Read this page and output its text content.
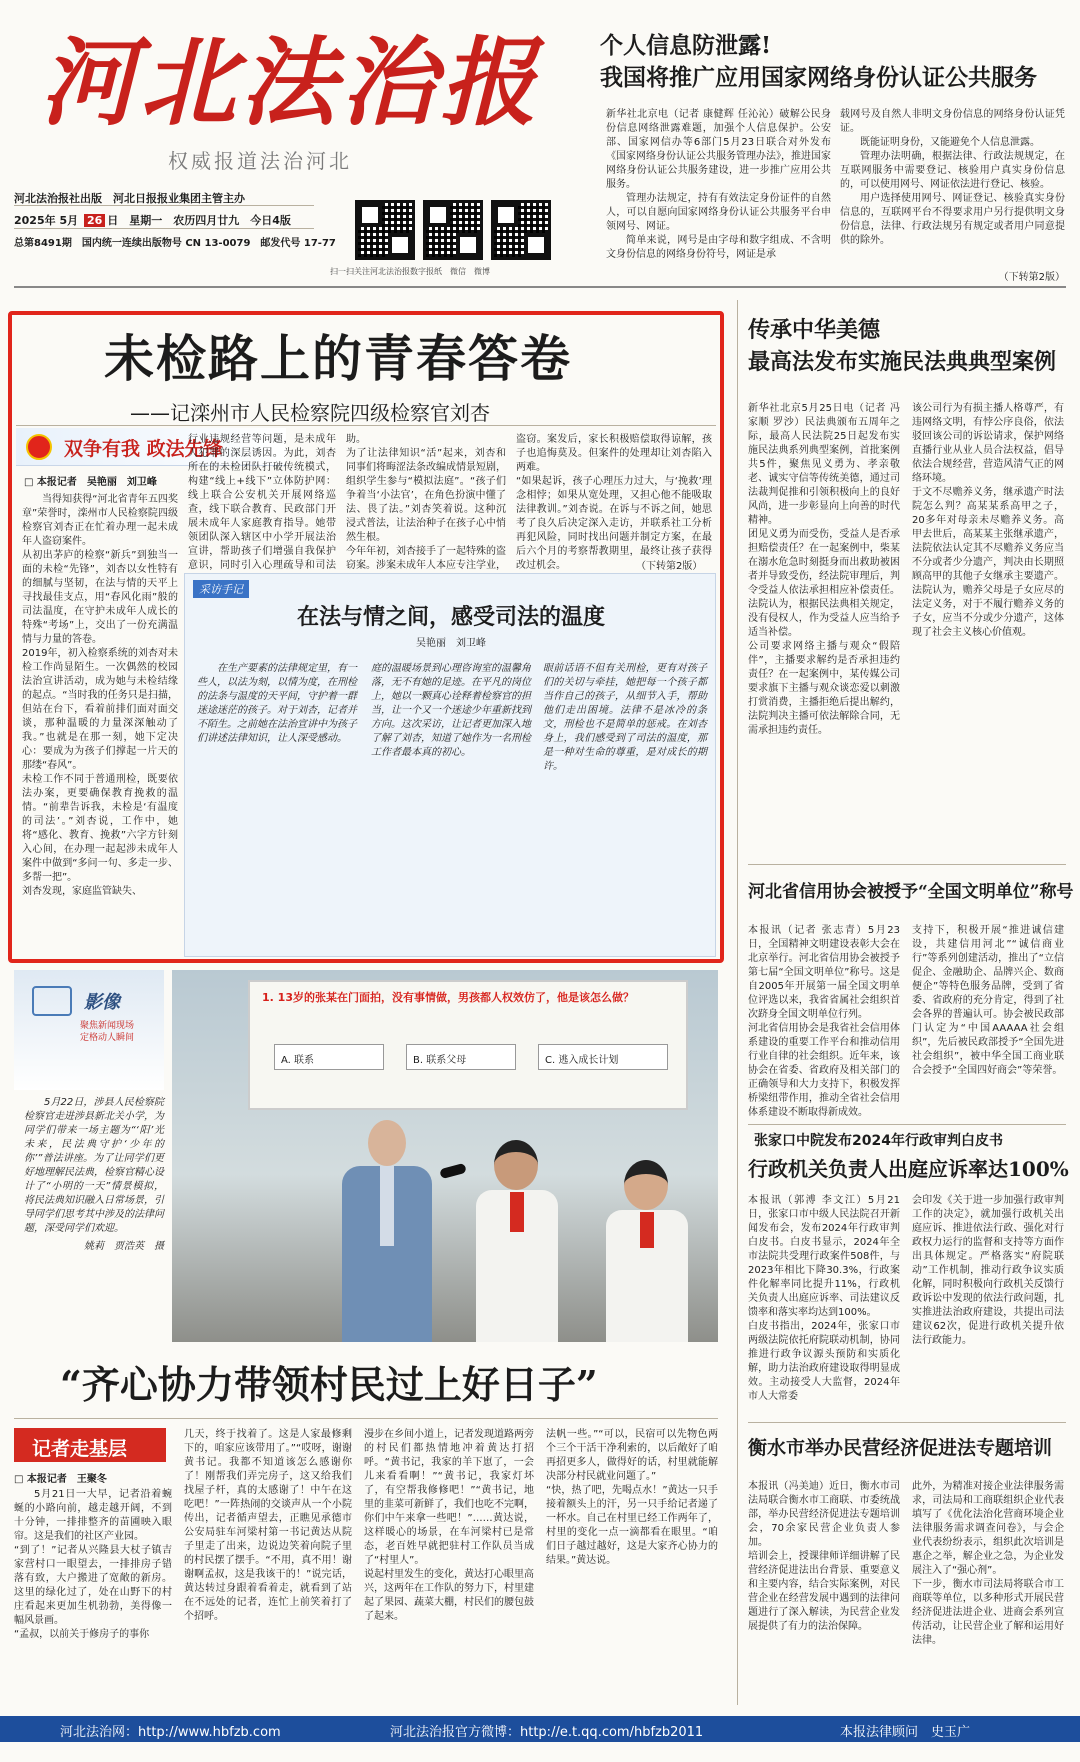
河北法治报
权威报道法治河北
河北法治报社出版　河北日报报业集团主管主办
2025年 5月 26 日　星期一　农历四月廿九　今日4版
总第8491期　国内统一连续出版物号 CN 13-0079　邮发代号 17-77
扫一扫关注河北法治报数字报纸　微信　微博
个人信息防泄露!
我国将推广应用国家网络身份认证公共服务

新华社北京电（记者 康健辉 任沁沁）破解公民身份信息网络泄露难题，加强个人信息保护。公安部、国家网信办等6部门5月23日联合对外发布《国家网络身份认证公共服务管理办法》，推进国家网络身份认证公共服务建设，进一步推广应用公共服务。

管理办法规定，持有有效法定身份证件的自然人，可以自愿向国家网络身份认证公共服务平台申领网号、网证。

简单来说，网号是由字母和数字组成、不含明文身份信息的网络身份符号，网证是承

载网号及自然人非明文身份信息的网络身份认证凭证。

既能证明身份，又能避免个人信息泄露。

管理办法明确，根据法律、行政法规规定，在互联网服务中需要登记、核验用户真实身份信息的，可以使用网号、网证依法进行登记、核验。

用户选择使用网号、网证登记、核验真实身份信息的，互联网平台不得要求用户另行提供明文身份信息，法律、行政法规另有规定或者用户同意提供的除外。

（下转第2版）
未检路上的青春答卷
——记滦州市人民检察院四级检察官刘杏
双争有我 政法先锋
□ 本报记者　吴艳丽　刘卫峰

当得知获得“河北省青年五四奖章”荣誉时，滦州市人民检察院四级检察官刘杏正在忙着办理一起未成年人盗窃案件。
从初出茅庐的检察“新兵”到独当一面的未检“先锋”，刘杏以女性特有的细腻与坚韧，在法与情的天平上寻找最佳支点，用“春风化雨”般的司法温度，在守护未成年人成长的特殊“考场”上，交出了一份充满温情与力量的答卷。
2019年，初入检察系统的刘杏对未检工作尚显陌生。一次偶然的校园法治宣讲活动，成为她与未检结缘的起点。“当时我的任务只是扫描，但站在台下，看着前排们面对面交谈，那种温暖的力量深深触动了我。”也就是在那一刻，她下定决心：要成为为孩子们撑起一片天的那缕“春风”。
未检工作不同于普通刑检，既要依法办案，更要确保教育挽救的温情。“前辈告诉我，未检是‘有温度的司法’。”刘杏说，工作中，她将“感化、教育、挽救”六字方针刻入心间，在办理一起起涉未成年人案件中做到“多问一句、多走一步、多帮一把”。
刘杏发现，家庭监管缺失、

行业违规经营等问题，是未成年人犯罪的深层诱因。为此，刘杏所在的未检团队打破传统模式，构建“线上+线下”立体防护网：线上联合公安机关开展网络巡查，线下联合教育、民政部门开展未成年人家庭教育指导。她带领团队深入辖区中小学开展法治宣讲，帮助孩子们增强自我保护意识，同时引入心理疏导和司法

助。
为了让法律知识“活”起来，刘杏和同事们将晦涩法条改编成情景短剧，组织学生参与“模拟法庭”。“孩子们争着当‘小法官’，在角色扮演中懂了法、畏了法。”刘杏笑着说。这种沉浸式普法，让法治种子在孩子心中悄然生根。
今年年初，刘杏接手了一起特殊的盗窃案。涉案未成年人本应专注学业，

盗窃。案发后，家长积极赔偿取得谅解，孩子也追悔莫及。但案件的处理却让刘杏陷入两难。
“如果起诉，孩子心理压力过大，与‘挽救’理念相悖；如果从宽处理，又担心他不能吸取法律教训。”刘杏说。在诉与不诉之间，她思考了良久后决定深入走访，并联系社工分析再犯风险，同时找出问题并制定方案，在最后六个月的考察帮教期里，最终让孩子获得改过机会。	（下转第2版）
采访手记
在法与情之间，感受司法的温度
吴艳丽　刘卫峰

在生产要素的法律规定里，有一些人，以法为刻，以情为度，在刑检的法条与温度的天平间，守护着一群迷途迷茫的孩子。对于刘杏，记者并不陌生。之前她在法治宣讲中为孩子们讲述法律知识，让人深受感动。

庭的温暖场景到心理咨询室的温馨角落，无不有她的足迹。在平凡的岗位上，她以一颗真心诠释着检察官的担当，让一个又一个迷途少年重新找到方向。这次采访，让记者更加深入地了解了刘杏，知道了她作为一名刑检工作者最本真的初心。

眼前话语不但有关刑检，更有对孩子们的关切与牵挂，她把每一个孩子都当作自己的孩子，从细节入手，帮助他们走出困境。法律不是冰冷的条文，刑检也不是简单的惩戒。在刘杏身上，我们感受到了司法的温度，那是一种对生命的尊重，是对成长的期许。

影像
聚焦新闻现场
定格动人瞬间

5月22日，涉县人民检察院检察官走进涉县新北关小学，为同学们带来一场主题为“‘阳’光未来，民法典守护‘少年的你’”普法讲座。为了让同学们更好地理解民法典，检察官精心设计了“小明的一天”情景模拟，将民法典知识融入日常场景，引导同学们思考其中涉及的法律问题，深受同学们欢迎。

姚莉　贾浩英　摄

1. 13岁的张某在门面拍，没有事情做，男孩都人权效仿了，他是该怎么做？
A. 联系	B. 联系父母	C. 逃入成长计划
“齐心协力带领村民过上好日子”
记者走基层
□ 本报记者　王聚冬

5月21日一大早，记者沿着蜿蜒的小路向前，越走越开阔，不到十分钟，一排排整齐的苗圃映入眼帘。这是我们的社区产业园。
“到了！”记者从兴隆县大杖子镇吉家营村口一眼望去，一排排房子错落有致，大户搬进了宽敞的新房。这里的绿化过了，处在山野下的村庄看起来更加生机勃勃，美得像一幅风景画。
“孟叔，以前关于修房子的事你

几天，终于找着了。这是人家最修剩下的，咱家应该带用了。”“哎呀，谢谢黄书记。我都不知道该怎么感谢你了！刚帮我们弄完房子，这又给我们找屋子杆，真的太感谢了！中午在这吃吧！”一阵热闹的交谈声从一个小院传出，记者循声望去，正瞧见承德市公安局驻车河梁村第一书记黄达从院子里走了出来，边说边笑着向院子里的村民摆了摆手。“不用，真不用！谢谢啊孟叔，这是我该干的！”说完话，黄达转过身跟着看着走，就看到了站在不远处的记者，连忙上前笑着打了个招呼。

漫步在乡间小道上，记者发现道路两旁的村民们都热情地冲着黄达打招呼。“黄书记，我家的羊下崽了，一会儿来看看啊！”“黄书记，我家灯坏了，有空帮我修修吧！”“黄书记，地里的韭菜可新鲜了，我们也吃不完啊，你们中午来拿一些吧！”……黄达说，这样暖心的场景，在车河梁村已是常态，老百姓早就把驻村工作队员当成了“村里人”。
说起村里发生的变化，黄达打心眼里高兴，这两年在工作队的努力下，村里建起了果园、蔬菜大棚，村民们的腰包鼓了起来。

法帆一些。”“可以，民宿可以先物色两个三个干活干净利索的，以后敞好了咱再招更多人，做得好的话，村里就能解决部分村民就业问题了。”
“快，热了吧，先喝点水！”黄达一只手接着额头上的汗，另一只手给记者递了一杯水。自己在村里已经工作两年了，村里的变化一点一滴都看在眼里。“咱们日子越过越好，这是大家齐心协力的结果。”黄达说。

传承中华美德
最高法发布实施民法典典型案例

新华社北京5月25日电（记者 冯家顺 罗沙）民法典颁布五周年之际，最高人民法院25日起发布实施民法典系列典型案例，首批案例共5件，聚焦见义勇为、孝亲敬老、诚实守信等传统美德，通过司法裁判促推和引领积极向上的良好风尚，进一步彰显向上向善的时代精神。
团见义勇为而受伤，受益人是否承担赔偿责任？在一起案例中，柴某在溺水危急时刻挺身而出救助被困者并导致受伤，经法院审理后，判令受益人依法承担相应补偿责任。法院认为，根据民法典相关规定，没有侵权人，作为受益人应当给予适当补偿。
公司要求网络主播与观众“假陪伴”，主播要求解约是否承担违约责任？在一起案例中，某传媒公司要求旗下主播与观众谈恋爱以刺激打赏消费，主播拒绝后提出解约，法院判决主播可依法解除合同，无需承担违约责任。

该公司行为有损主播人格尊严，有违网络文明，有悖公序良俗，依法驳回该公司的诉讼请求，保护网络直播行业从业人员合法权益，倡导依法合规经营，营造风清气正的网络环境。
于文不尽赡养义务，继承遗产时法院怎么判？高某某系高甲之子，20多年对母亲未尽赡养义务。高甲去世后，高某某主张继承遗产，法院依法认定其不尽赡养义务应当不分或者少分遗产，判决由长期照顾高甲的其他子女继承主要遗产。法院认为，赡养父母是子女应尽的法定义务，对于不履行赡养义务的子女，应当不分或少分遗产，这体现了社会主义核心价值观。

河北省信用协会被授予“全国文明单位”称号

本报讯（记者 张志青）5月23日，全国精神文明建设表彰大会在北京举行。河北省信用协会被授予第七届“全国文明单位”称号。这是自2005年开展第一届全国文明单位评选以来，我省省属社会组织首次跻身全国文明单位行列。
河北省信用协会是我省社会信用体系建设的重要工作平台和推动信用行业自律的社会组织。近年来，该协会在省委、省政府及相关部门的正确领导和大力支持下，积极发挥桥梁纽带作用，推动全省社会信用体系建设不断取得新成效。

支持下，积极开展“推进诚信建设，共建信用河北”“诚信商业行”等系列创建活动，推出了“立信促企、金融助企、品牌兴企、数商便企”等特色服务品牌，受到了省委、省政府的充分肯定，得到了社会各界的普遍认可。协会被民政部门认定为“中国AAAAA社会组织”，先后被民政部授予“全国先进社会组织”，被中华全国工商业联合会授予“全国四好商会”等荣誉。

张家口中院发布2024年行政审判白皮书
行政机关负责人出庭应诉率达100%

本报讯（郭溥 李文江）5月21日，张家口市中级人民法院召开新闻发布会，发布2024年行政审判白皮书。白皮书显示，2024年全市法院共受理行政案件508件，与2023年相比下降30.3%，行政案件化解率同比提升11%，行政机关负责人出庭应诉率、司法建议反馈率和落实率均达到100%。
白皮书指出，2024年，张家口市两级法院依托府院联动机制，协同推进行政争议源头预防和实质化解，助力法治政府建设取得明显成效。主动接受人大监督，2024年市人大常委

会印发《关于进一步加强行政审判工作的决定》，就加强行政机关出庭应诉、推进依法行政、强化对行政权力运行的监督和支持等方面作出具体规定。严格落实“府院联动”工作机制，推动行政争议实质化解，同时积极向行政机关反馈行政诉讼中发现的依法行政问题，扎实推进法治政府建设，共提出司法建议62次，促进行政机关提升依法行政能力。

衡水市举办民营经济促进法专题培训

本报讯（冯美迪）近日，衡水市司法局联合衡水市工商联、市委统战部，举办民营经济促进法专题培训会，70余家民营企业负责人参加。
培训会上，授课律师详细讲解了民营经济促进法出台背景、重要意义和主要内容，结合实际案例，对民营企业在经营发展中遇到的法律问题进行了深入解读，为民营企业发展提供了有力的法治保障。

此外，为精准对接企业法律服务需求，司法局和工商联组织企业代表填写了《优化法治化营商环境企业法律服务需求调查问卷》，与会企业代表纷纷表示，组织此次培训是惠企之举，解企业之急，为企业发展注入了“强心剂”。
下一步，衡水市司法局将联合市工商联等单位，以多种形式开展民营经济促进法进企业、进商会系列宣传活动，让民营企业了解和运用好法律。

河北法治网：http://www.hbfzb.com	河北法治报官方微博：http://e.t.qq.com/hbfzb2011	本报法律顾问　史玉广
